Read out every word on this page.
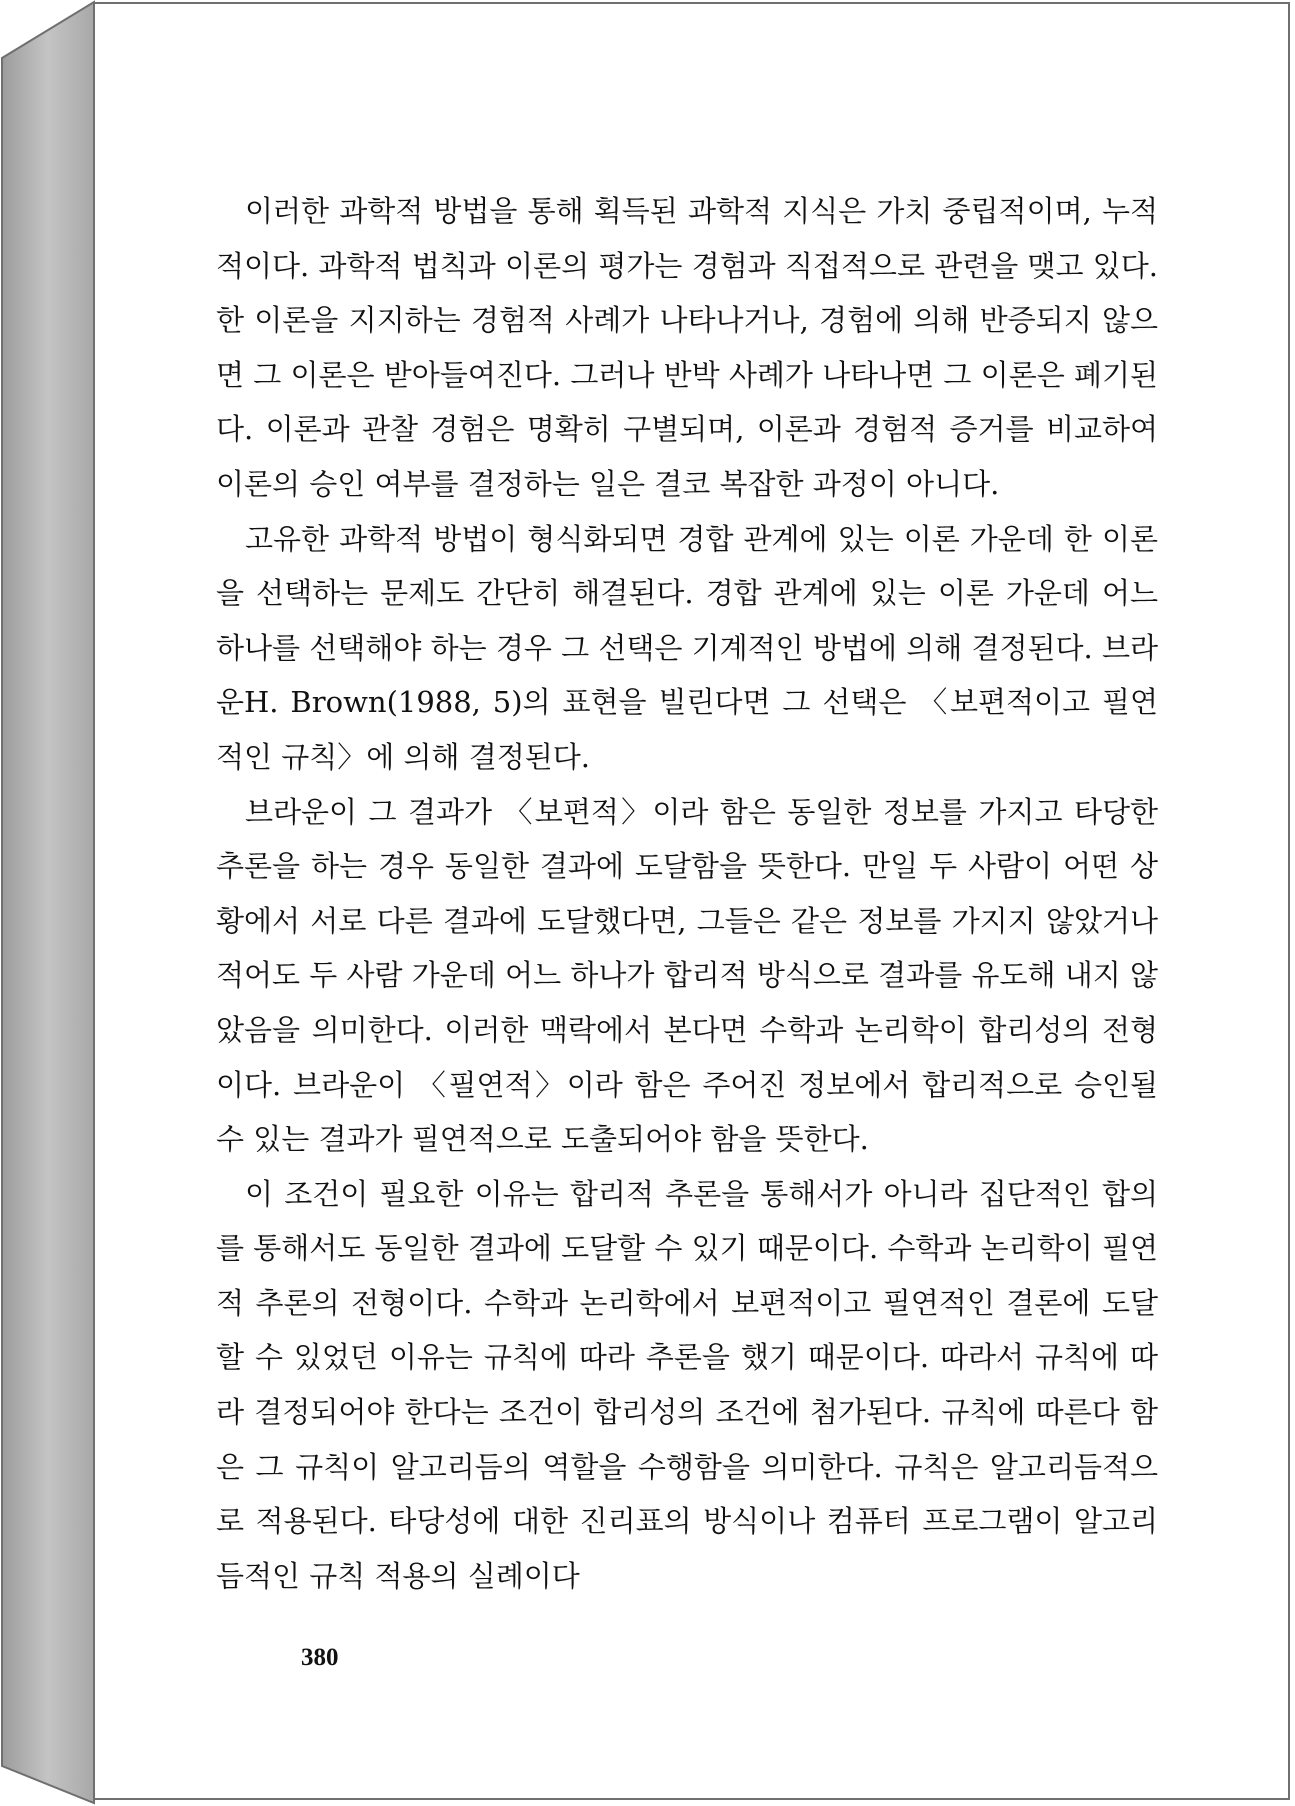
이러한 과학적 방법을 통해 획득된 과학적 지식은 가치 중립적이며, 누적적이다. 과학적 법칙과 이론의 평가는 경험과 직접적으로 관련을 맺고 있다. 한 이론을 지지하는 경험적 사례가 나타나거나, 경험에 의해 반증되지 않으면 그 이론은 받아들여진다. 그러나 반박 사례가 나타나면 그 이론은 폐기된다. 이론과 관찰 경험은 명확히 구별되며, 이론과 경험적 증거를 비교하여 이론의 승인 여부를 결정하는 일은 결코 복잡한 과정이 아니다.

고유한 과학적 방법이 형식화되면 경합 관계에 있는 이론 가운데 한 이론을 선택하는 문제도 간단히 해결된다. 경합 관계에 있는 이론 가운데 어느 하나를 선택해야 하는 경우 그 선택은 기계적인 방법에 의해 결정된다. 브라운H. Brown(1988, 5)의 표현을 빌린다면 그 선택은 〈보편적이고 필연적인 규칙〉에 의해 결정된다.

브라운이 그 결과가 〈보편적〉이라 함은 동일한 정보를 가지고 타당한 추론을 하는 경우 동일한 결과에 도달함을 뜻한다. 만일 두 사람이 어떤 상황에서 서로 다른 결과에 도달했다면, 그들은 같은 정보를 가지지 않았거나 적어도 두 사람 가운데 어느 하나가 합리적 방식으로 결과를 유도해 내지 않았음을 의미한다. 이러한 맥락에서 본다면 수학과 논리학이 합리성의 전형이다. 브라운이 〈필연적〉이라 함은 주어진 정보에서 합리적으로 승인될 수 있는 결과가 필연적으로 도출되어야 함을 뜻한다.

이 조건이 필요한 이유는 합리적 추론을 통해서가 아니라 집단적인 합의를 통해서도 동일한 결과에 도달할 수 있기 때문이다. 수학과 논리학이 필연적 추론의 전형이다. 수학과 논리학에서 보편적이고 필연적인 결론에 도달할 수 있었던 이유는 규칙에 따라 추론을 했기 때문이다. 따라서 규칙에 따라 결정되어야 한다는 조건이 합리성의 조건에 첨가된다. 규칙에 따른다 함은 그 규칙이 알고리듬의 역할을 수행함을 의미한다. 규칙은 알고리듬적으로 적용된다. 타당성에 대한 진리표의 방식이나 컴퓨터 프로그램이 알고리듬적인 규칙 적용의 실례이다

380
